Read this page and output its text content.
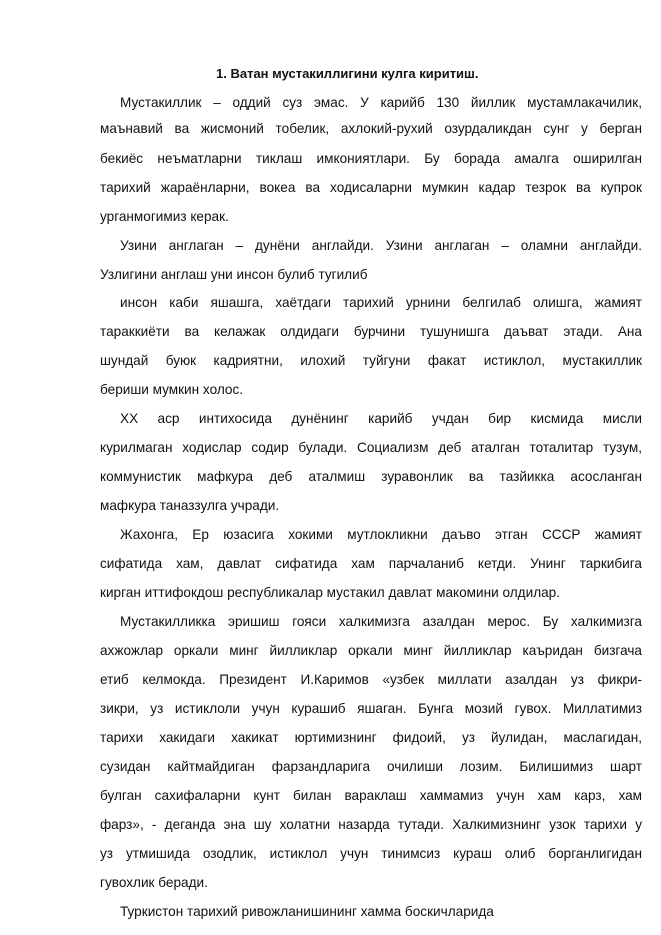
1. Ватан мустакиллигини кулга киритиш.
Мустакиллик – оддий суз эмас. У карийб 130 йиллик мустамлакачилик,
маънавий ва жисмоний тобелик, ахлокий-рухий озурдаликдан сунг у берган
бекиёс неъматларни тиклаш имкониятлари. Бу борада амалга оширилган
тарихий жараёнларни, вокеа ва ходисаларни мумкин кадар тезрок ва купрок
урганмогимиз керак.
Узини англаган – дунёни англайди. Узини англаган – оламни англайди.
Узлигини англаш уни инсон булиб тугилиб
инсон каби яшашга, хаётдаги тарихий урнини белгилаб олишга, жамият
тараккиёти ва келажак олдидаги бурчини тушунишга даъват этади. Ана
шундай буюк кадриятни, илохий туйгуни факат истиклол, мустакиллик
бериши мумкин холос.
XX аср интихосида дунёнинг карийб учдан бир кисмида мисли
курилмаган ходислар содир булади. Социализм деб аталган тоталитар тузум,
коммунистик мафкура деб аталмиш зуравонлик ва тазйикка асосланган
мафкура таназзулга учради.
Жахонга, Ер юзасига хокими мутлокликни даъво этган СССР жамият
сифатида хам, давлат сифатида хам парчаланиб кетди. Унинг таркибига
кирган иттифокдош республикалар мустакил давлат макомини олдилар.
Мустакилликка эришиш гояси халкимизга азалдан мерос. Бу халкимизга
ахжожлар оркали минг йилликлар оркали минг йилликлар каъридан бизгача
етиб келмокда. Президент И.Каримов «узбек миллати азалдан уз фикри-
зикри, уз истиклоли учун курашиб яшаган. Бунга мозий гувох. Миллатимиз
тарихи хакидаги хакикат юртимизнинг фидоий, уз йулидан, маслагидан,
сузидан кайтмайдиган фарзандларига очилиши лозим. Билишимиз шарт
булган сахифаларни кунт билан вараклаш хаммамиз учун хам карз, хам
фарз», - деганда эна шу холатни назарда тутади. Халкимизнинг узок тарихи у
уз утмишида озодлик, истиклол учун тинимсиз кураш олиб борганлигидан
гувохлик беради.
Туркистон тарихий ривожланишининг хамма боскичларида
